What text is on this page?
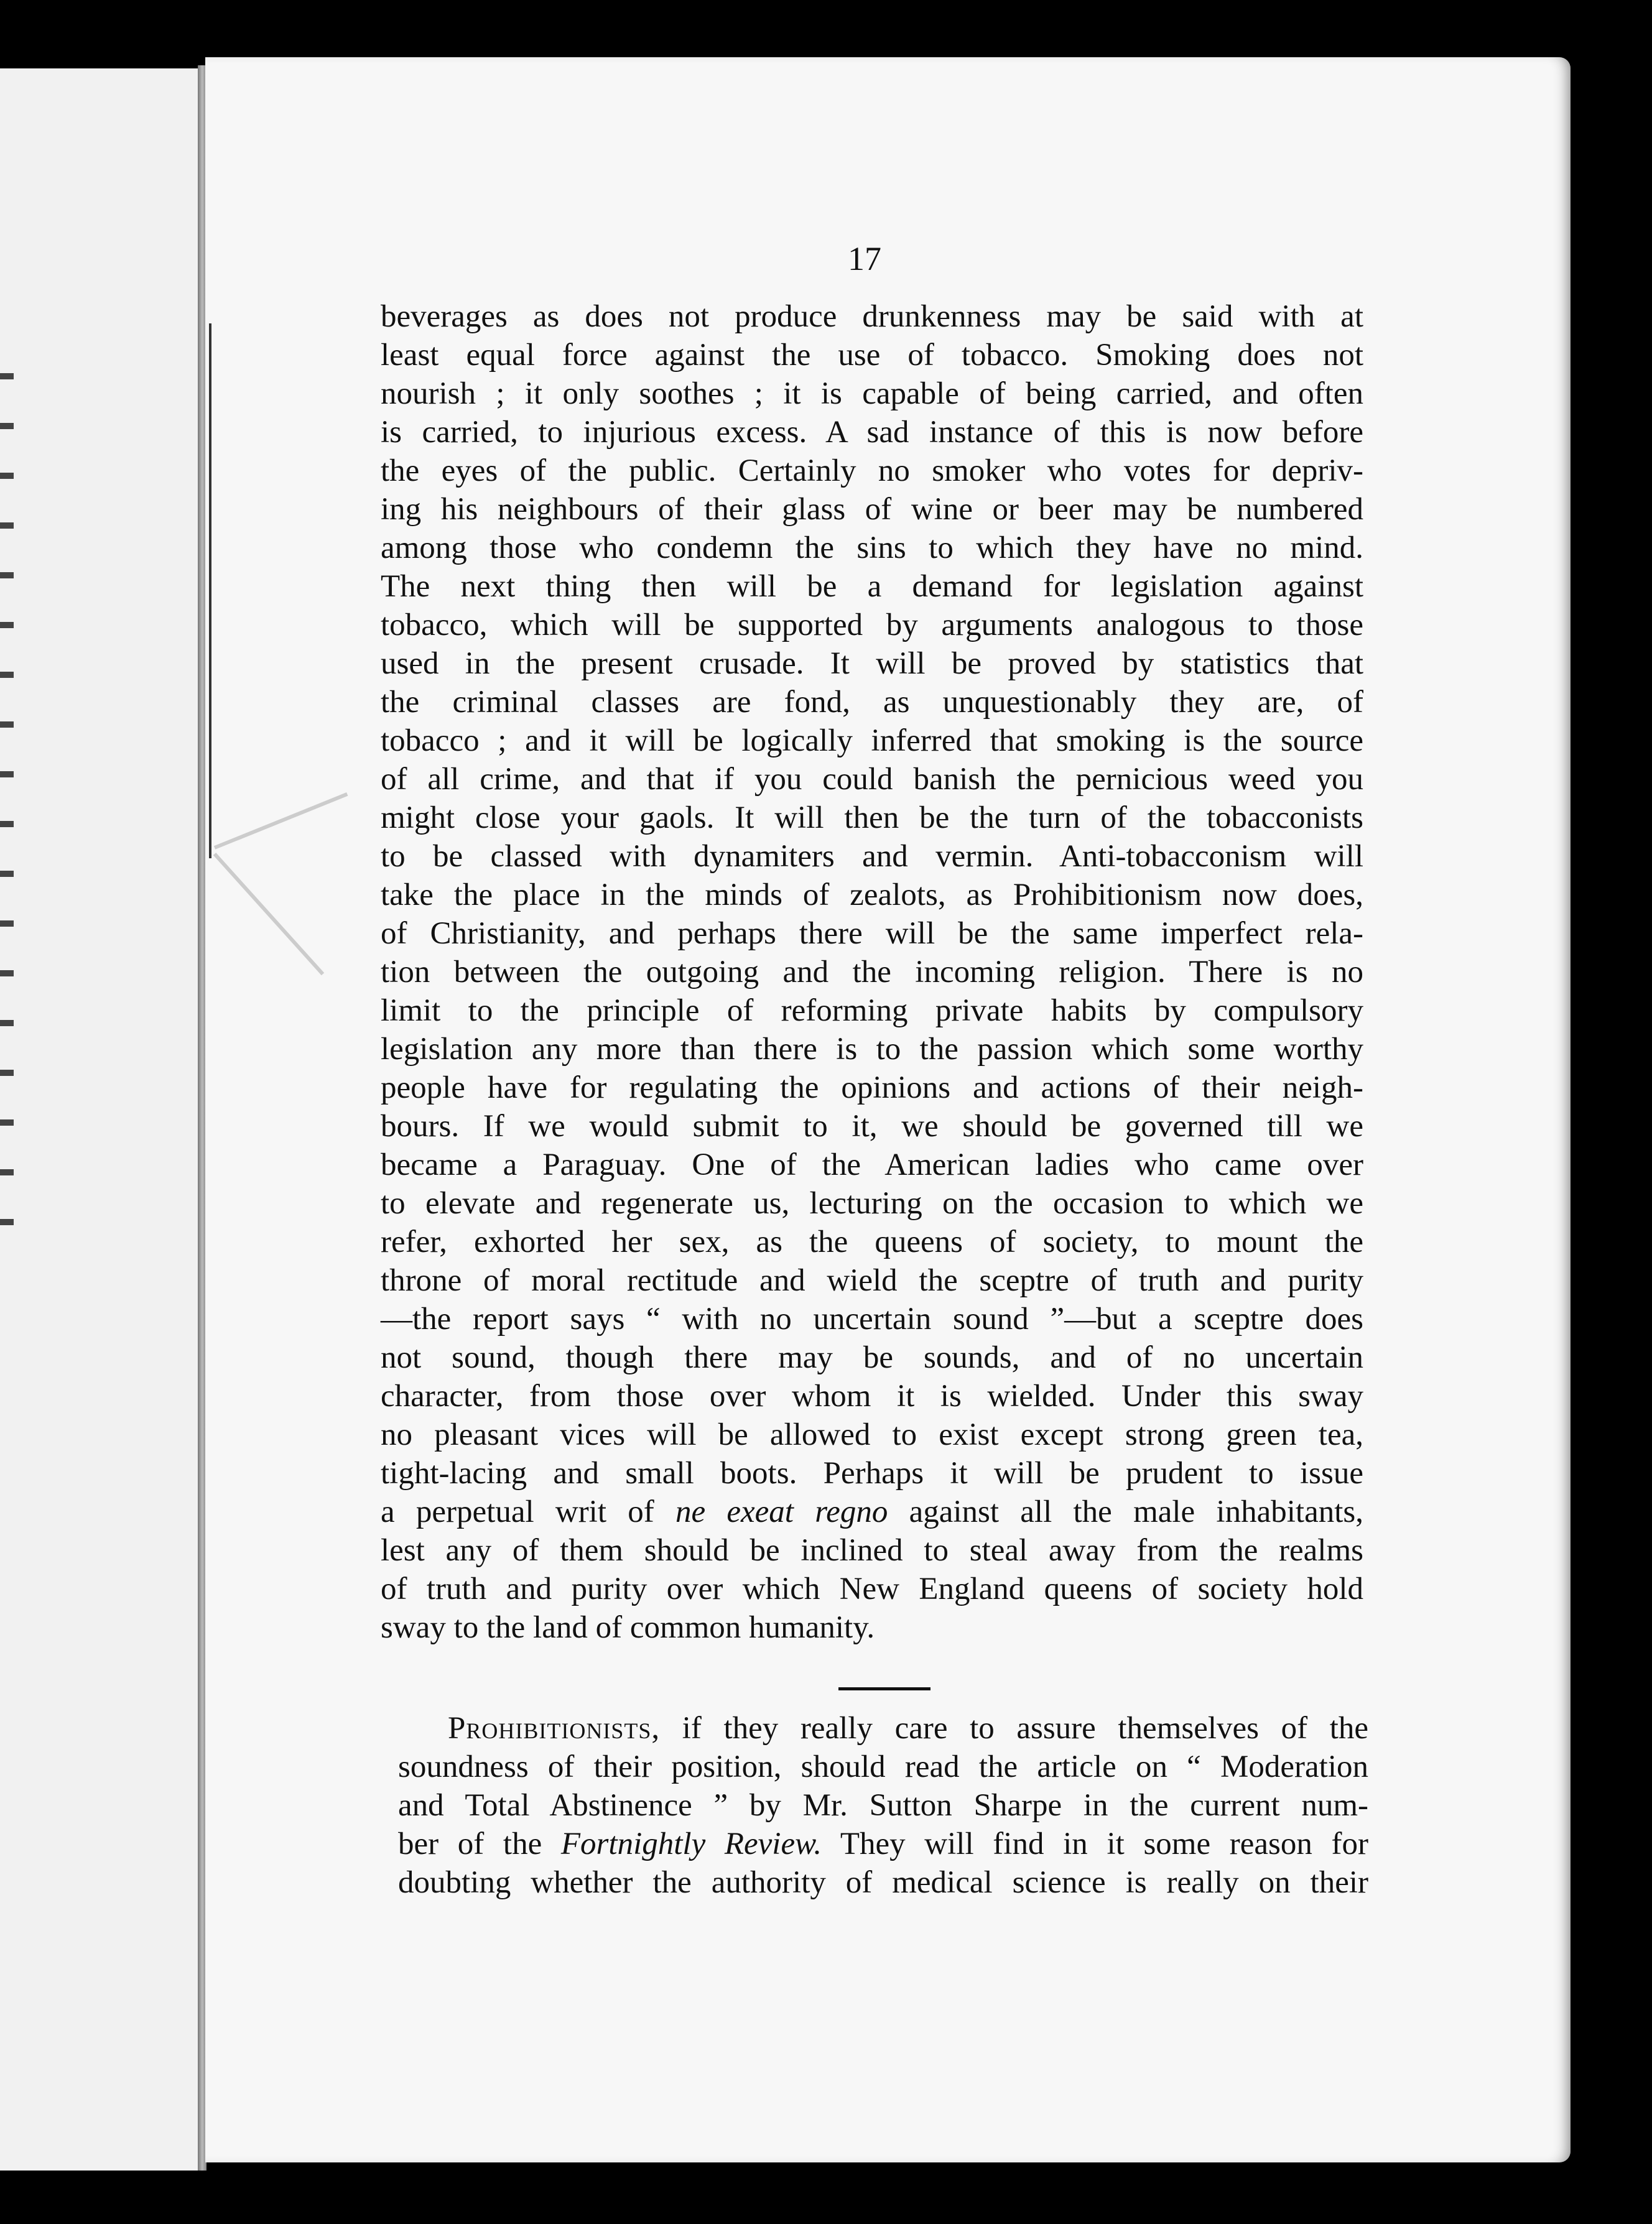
17
beverages as does not produce drunkenness may be said with at
least equal force against the use of tobacco. Smoking does not
nourish ; it only soothes ; it is capable of being carried, and often
is carried, to injurious excess. A sad instance of this is now before
the eyes of the public. Certainly no smoker who votes for depriv-
ing his neighbours of their glass of wine or beer may be numbered
among those who condemn the sins to which they have no mind.
The next thing then will be a demand for legislation against
tobacco, which will be supported by arguments analogous to those
used in the present crusade. It will be proved by statistics that
the criminal classes are fond, as unquestionably they are, of
tobacco ; and it will be logically inferred that smoking is the source
of all crime, and that if you could banish the pernicious weed you
might close your gaols. It will then be the turn of the tobacconists
to be classed with dynamiters and vermin. Anti-tobacconism will
take the place in the minds of zealots, as Prohibitionism now does,
of Christianity, and perhaps there will be the same imperfect rela-
tion between the outgoing and the incoming religion. There is no
limit to the principle of reforming private habits by compulsory
legislation any more than there is to the passion which some worthy
people have for regulating the opinions and actions of their neigh-
bours. If we would submit to it, we should be governed till we
became a Paraguay. One of the American ladies who came over
to elevate and regenerate us, lecturing on the occasion to which we
refer, exhorted her sex, as the queens of society, to mount the
throne of moral rectitude and wield the sceptre of truth and purity
—the report says “ with no uncertain sound ”—but a sceptre does
not sound, though there may be sounds, and of no uncertain
character, from those over whom it is wielded. Under this sway
no pleasant vices will be allowed to exist except strong green tea,
tight-lacing and small boots. Perhaps it will be prudent to issue
a perpetual writ of ne exeat regno against all the male inhabitants,
lest any of them should be inclined to steal away from the realms
of truth and purity over which New England queens of society hold
sway to the land of common humanity.
Prohibitionists, if they really care to assure themselves of the
soundness of their position, should read the article on “ Moderation
and Total Abstinence ” by Mr. Sutton Sharpe in the current num-
ber of the Fortnightly Review. They will find in it some reason for
doubting whether the authority of medical science is really on their
